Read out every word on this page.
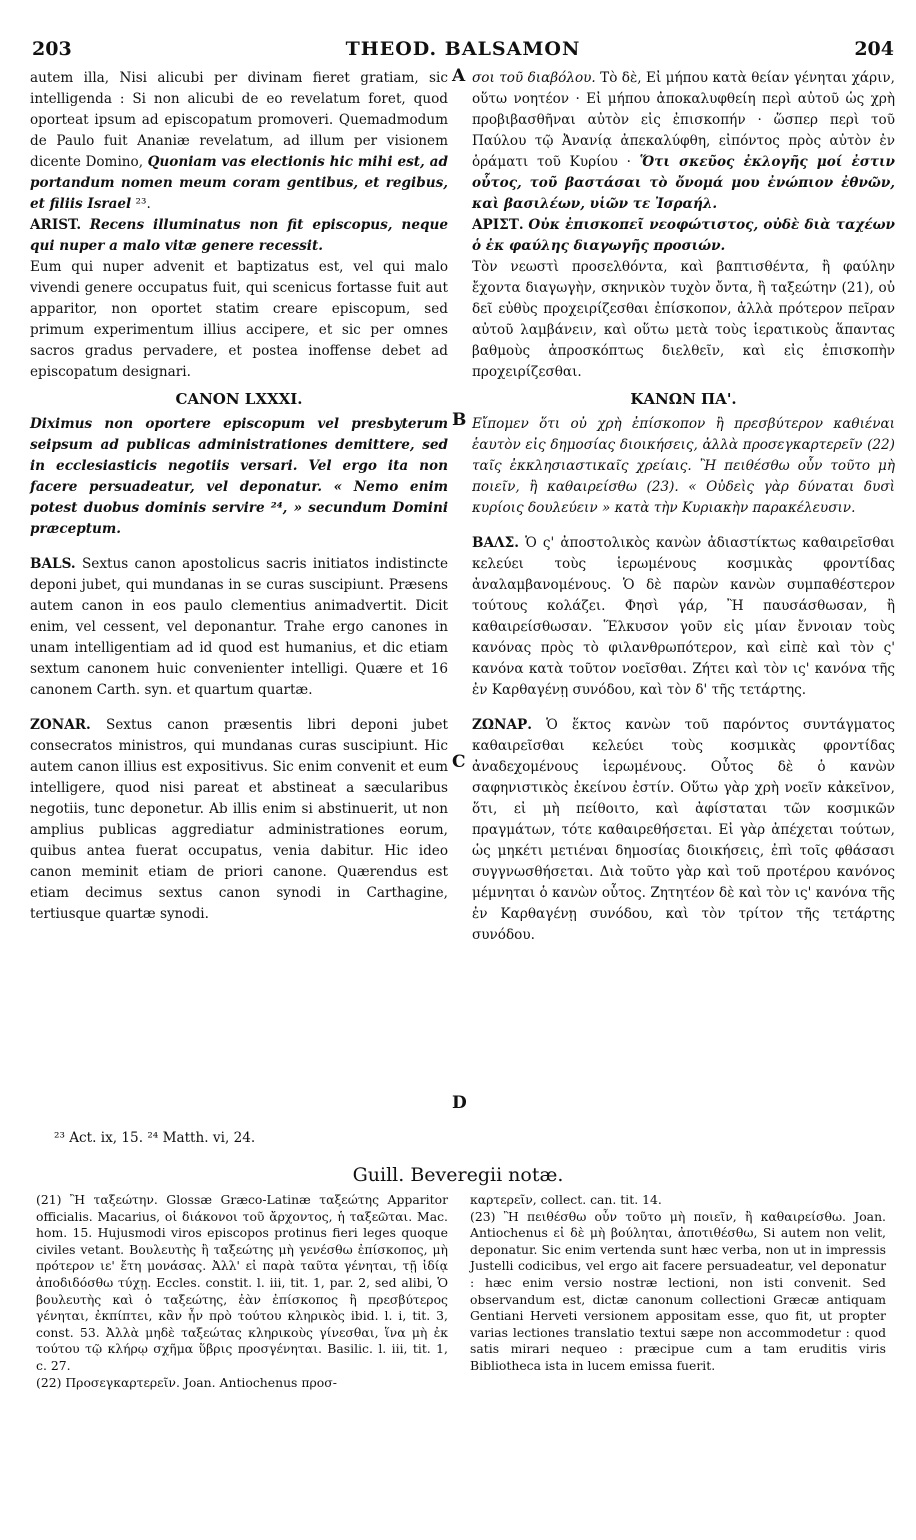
203	THEOD. BALSAMON	204
A
B
C
D

autem illa, Nisi alicubi per divinam fieret gratiam, sic intelligenda : Si non alicubi de eo revelatum foret, quod oporteat ipsum ad episcopatum promoveri. Quemadmodum de Paulo fuit Ananiæ revelatum, ad illum per visionem dicente Domino, Quoniam vas electionis hic mihi est, ad portandum nomen meum coram gentibus, et regibus, et filiis Israel ²³.

ARIST. Recens illuminatus non fit episcopus, neque qui nuper a malo vitæ genere recessit.

Eum qui nuper advenit et baptizatus est, vel qui malo vivendi genere occupatus fuit, qui scenicus fortasse fuit aut apparitor, non oportet statim creare episcopum, sed primum experimentum illius accipere, et sic per omnes sacros gradus pervadere, et postea inoffense debet ad episcopatum designari.

CANON LXXXI.

Diximus non oportere episcopum vel presbyterum seipsum ad publicas administrationes demittere, sed in ecclesiasticis negotiis versari. Vel ergo ita non facere persuadeatur, vel deponatur. « Nemo enim potest duobus dominis servire ²⁴, » secundum Domini præceptum.

BALS. Sextus canon apostolicus sacris initiatos indistincte deponi jubet, qui mundanas in se curas suscipiunt. Præsens autem canon in eos paulo clementius animadvertit. Dicit enim, vel cessent, vel deponantur. Trahe ergo canones in unam intelligentiam ad id quod est humanius, et dic etiam sextum canonem huic convenienter intelligi. Quære et 16 canonem Carth. syn. et quartum quartæ.

ZONAR. Sextus canon præsentis libri deponi jubet consecratos ministros, qui mundanas curas suscipiunt. Hic autem canon illius est expositivus. Sic enim convenit et eum intelligere, quod nisi pareat et abstineat a sæcularibus negotiis, tunc deponetur. Ab illis enim si abstinuerit, ut non amplius publicas aggrediatur administrationes eorum, quibus antea fuerat occupatus, venia dabitur. Hic ideo canon meminit etiam de priori canone. Quærendus est etiam decimus sextus canon synodi in Carthagine, tertiusque quartæ synodi.

σοι τοῦ διαβόλου. Τὸ δὲ, Εἰ μήπου κατὰ θείαν γένηται χάριν, οὕτω νοητέον · Εἰ μήπου ἀποκαλυφθείη περὶ αὐτοῦ ὡς χρὴ προβιβασθῆναι αὐτὸν εἰς ἐπισκοπήν · ὥσπερ περὶ τοῦ Παύλου τῷ Ἀνανίᾳ ἀπεκαλύφθη, εἰπόντος πρὸς αὐτὸν ἐν ὁράματι τοῦ Κυρίου · Ὅτι σκεῦος ἐκλογῆς μοί ἐστιν οὗτος, τοῦ βαστάσαι τὸ ὄνομά μου ἐνώπιον ἐθνῶν, καὶ βασιλέων, υἱῶν τε Ἰσραήλ.

ΑΡΙΣΤ. Οὐκ ἐπισκοπεῖ νεοφώτιστος, οὐδὲ διὰ ταχέων ὁ ἐκ φαύλης διαγωγῆς προσιών.

Τὸν νεωστὶ προσελθόντα, καὶ βαπτισθέντα, ἢ φαύλην ἔχοντα διαγωγὴν, σκηνικὸν τυχὸν ὄντα, ἢ ταξεώτην (21), οὐ δεῖ εὐθὺς προχειρίζεσθαι ἐπίσκοπον, ἀλλὰ πρότερον πεῖραν αὐτοῦ λαμβάνειν, καὶ οὕτω μετὰ τοὺς ἱερατικοὺς ἅπαντας βαθμοὺς ἀπροσκόπτως διελθεῖν, καὶ εἰς ἐπισκοπὴν προχειρίζεσθαι.

ΚΑΝΩΝ ΠΑ'.

Εἴπομεν ὅτι οὐ χρὴ ἐπίσκοπον ἢ πρεσβύτερον καθιέναι ἑαυτὸν εἰς δημοσίας διοικήσεις, ἀλλὰ προσεγκαρτερεῖν (22) ταῖς ἐκκλησιαστικαῖς χρείαις. Ἢ πειθέσθω οὖν τοῦτο μὴ ποιεῖν, ἢ καθαιρείσθω (23). « Οὐδεὶς γὰρ δύναται δυσὶ κυρίοις δουλεύειν » κατὰ τὴν Κυριακὴν παρακέλευσιν.

ΒΑΛΣ. Ὁ ς' ἀποστολικὸς κανὼν ἀδιαστίκτως καθαιρεῖσθαι κελεύει τοὺς ἱερωμένους κοσμικὰς φροντίδας ἀναλαμβανομένους. Ὁ δὲ παρὼν κανὼν συμπαθέστερον τούτους κολάζει. Φησὶ γάρ, Ἢ παυσάσθωσαν, ἢ καθαιρείσθωσαν. Ἕλκυσον γοῦν εἰς μίαν ἔννοιαν τοὺς κανόνας πρὸς τὸ φιλανθρωπότερον, καὶ εἰπὲ καὶ τὸν ς' κανόνα κατὰ τοῦτον νοεῖσθαι. Ζήτει καὶ τὸν ις' κανόνα τῆς ἐν Καρθαγένῃ συνόδου, καὶ τὸν δ' τῆς τετάρτης.

ΖΩΝΑΡ. Ὁ ἕκτος κανὼν τοῦ παρόντος συντάγματος καθαιρεῖσθαι κελεύει τοὺς κοσμικὰς φροντίδας ἀναδεχομένους ἱερωμένους. Οὗτος δὲ ὁ κανὼν σαφηνιστικὸς ἐκείνου ἐστίν. Οὕτω γὰρ χρὴ νοεῖν κἀκεῖνον, ὅτι, εἰ μὴ πείθοιτο, καὶ ἀφίσταται τῶν κοσμικῶν πραγμάτων, τότε καθαιρεθήσεται. Εἰ γὰρ ἀπέχεται τούτων, ὡς μηκέτι μετιέναι δημοσίας διοικήσεις, ἐπὶ τοῖς φθάσασι συγγνωσθήσεται. Διὰ τοῦτο γὰρ καὶ τοῦ προτέρου κανόνος μέμνηται ὁ κανὼν οὗτος. Ζητητέον δὲ καὶ τὸν ις' κανόνα τῆς ἐν Καρθαγένῃ συνόδου, καὶ τὸν τρίτον τῆς τετάρτης συνόδου.

²³ Act. ix, 15. ²⁴ Matth. vi, 24.
Guill. Beveregii notæ.

(21) Ἢ ταξεώτην. Glossæ Græco-Latinæ ταξεώτης Apparitor officialis. Macarius, οἱ διάκονοι τοῦ ἄρχοντος, ἡ ταξεῶται. Mac. hom. 15. Hujusmodi viros episcopos protinus fieri leges quoque civiles vetant. Βουλευτὴς ἢ ταξεώτης μὴ γενέσθω ἐπίσκοπος, μὴ πρότερον ιε' ἔτη μονάσας. Ἀλλ' εἰ παρὰ ταῦτα γένηται, τῇ ἰδίᾳ ἀποδιδόσθω τύχῃ. Eccles. constit. l. iii, tit. 1, par. 2, sed alibi, Ὁ βουλευτὴς καὶ ὁ ταξεώτης, ἐὰν ἐπίσκοπος ἢ πρεσβύτερος γένηται, ἐκπίπτει, κἂν ἦν πρὸ τούτου κληρικὸς ibid. l. i, tit. 3, const. 53. Ἀλλὰ μηδὲ ταξεώτας κληρικοὺς γίνεσθαι, ἵνα μὴ ἐκ τούτου τῷ κλήρῳ σχῆμα ὕβρις προσγένηται. Basilic. l. iii, tit. 1, c. 27.

(22) Προσεγκαρτερεῖν. Joan. Antiochenus προσ-

καρτερεῖν, collect. can. tit. 14.

(23) Ἢ πειθέσθω οὖν τοῦτο μὴ ποιεῖν, ἢ καθαιρείσθω. Joan. Antiochenus εἰ δὲ μὴ βούληται, ἀποτιθέσθω, Si autem non velit, deponatur. Sic enim vertenda sunt hæc verba, non ut in impressis Justelli codicibus, vel ergo ait facere persuadeatur, vel deponatur : hæc enim versio nostræ lectioni, non isti convenit. Sed observandum est, dictæ canonum collectioni Græcæ antiquam Gentiani Herveti versionem appositam esse, quo fit, ut propter varias lectiones translatio textui sæpe non accommodetur : quod satis mirari nequeo : præcipue cum a tam eruditis viris Bibliotheca ista in lucem emissa fuerit.
